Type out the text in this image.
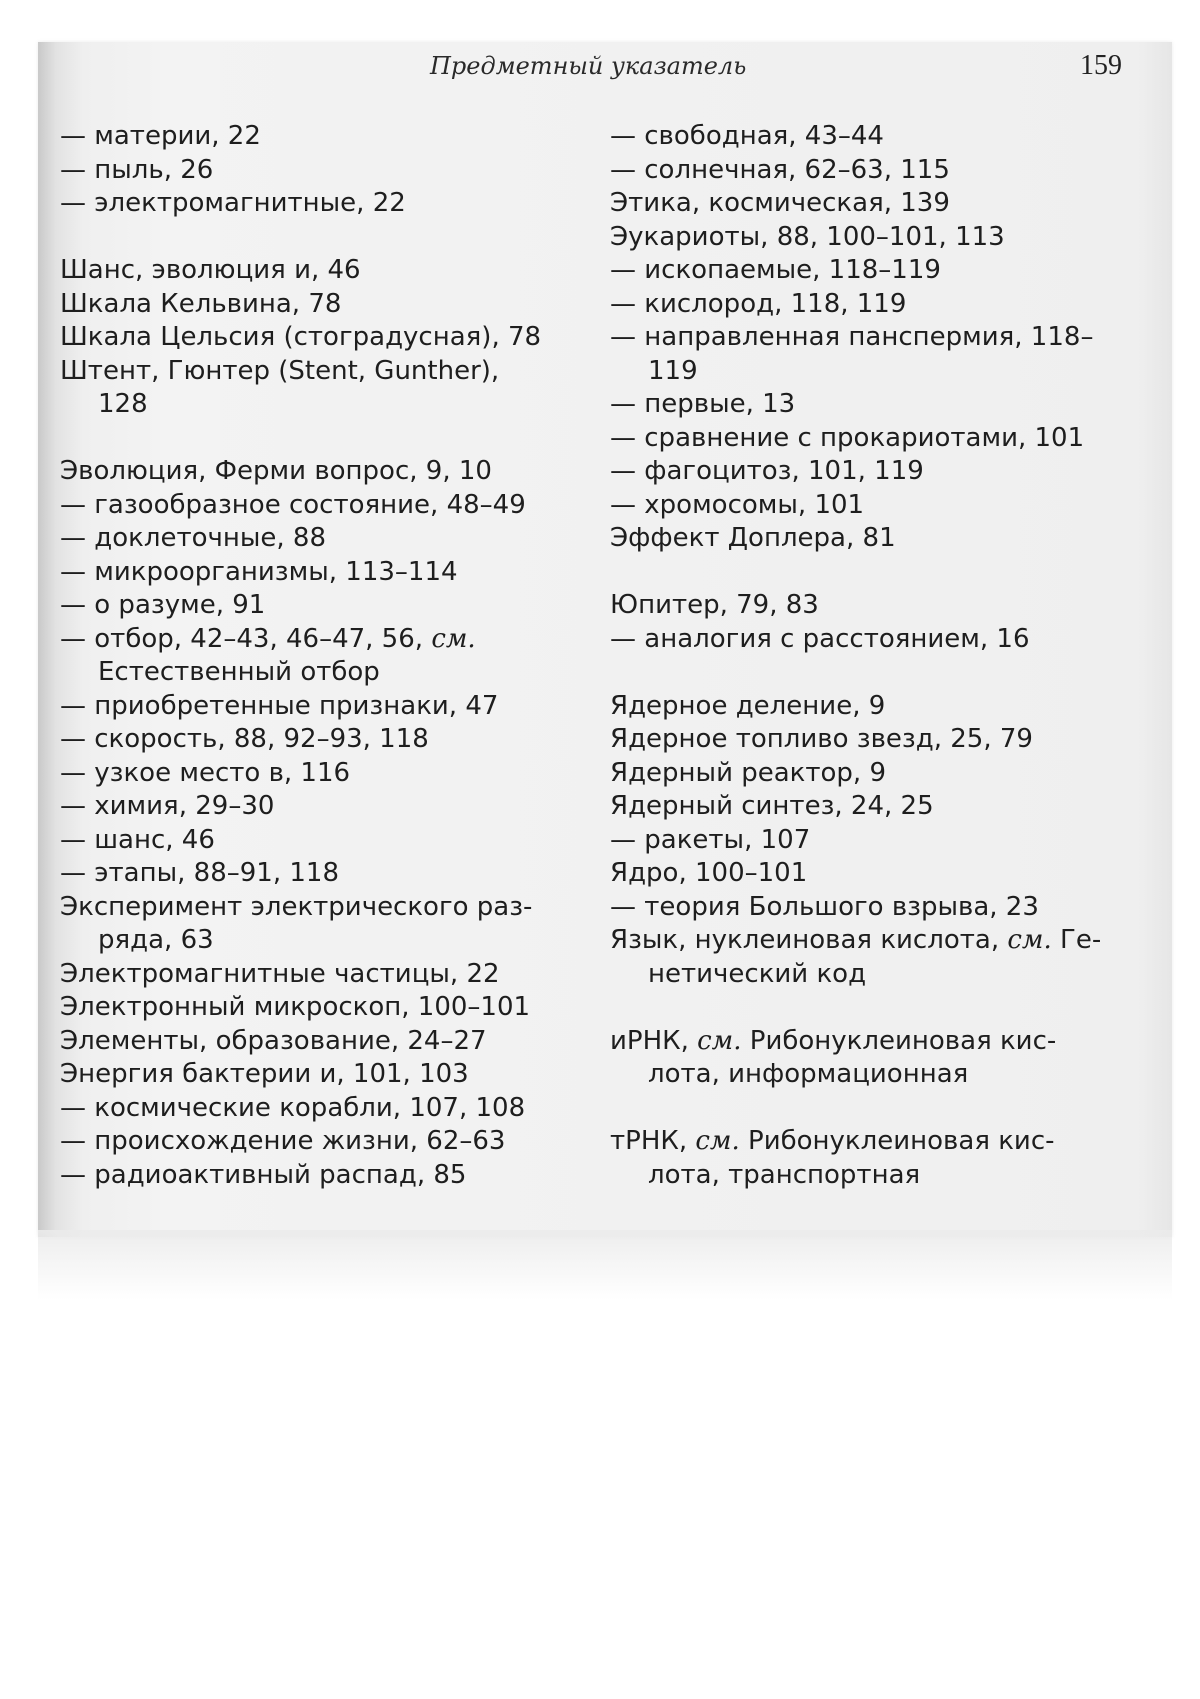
Предметный указатель	159
— материи, 22
— пыль, 26
— электромагнитные, 22
Шанс, эволюция и, 46
Шкала Кельвина, 78
Шкала Цельсия (стоградусная), 78
Штент, Гюнтер (Stent, Gunther),
128
Эволюция, Ферми вопрос, 9, 10
— газообразное состояние, 48–49
— доклеточные, 88
— микроорганизмы, 113–114
— о разуме, 91
— отбор, 42–43, 46–47, 56, см.
Естественный отбор
— приобретенные признаки, 47
— скорость, 88, 92–93, 118
— узкое место в, 116
— химия, 29–30
— шанс, 46
— этапы, 88–91, 118
Эксперимент электрического раз-
ряда, 63
Электромагнитные частицы, 22
Электронный микроскоп, 100–101
Элементы, образование, 24–27
Энергия бактерии и, 101, 103
— космические корабли, 107, 108
— происхождение жизни, 62–63
— радиоактивный распад, 85
— свободная, 43–44
— солнечная, 62–63, 115
Этика, космическая, 139
Эукариоты, 88, 100–101, 113
— ископаемые, 118–119
— кислород, 118, 119
— направленная панспермия, 118–
119
— первые, 13
— сравнение с прокариотами, 101
— фагоцитоз, 101, 119
— хромосомы, 101
Эффект Доплера, 81
Юпитер, 79, 83
— аналогия с расстоянием, 16
Ядерное деление, 9
Ядерное топливо звезд, 25, 79
Ядерный реактор, 9
Ядерный синтез, 24, 25
— ракеты, 107
Ядро, 100–101
— теория Большого взрыва, 23
Язык, нуклеиновая кислота, см. Ге-
нетический код
иРНК, см. Рибонуклеиновая кис-
лота, информационная
тРНК, см. Рибонуклеиновая кис-
лота, транспортная
